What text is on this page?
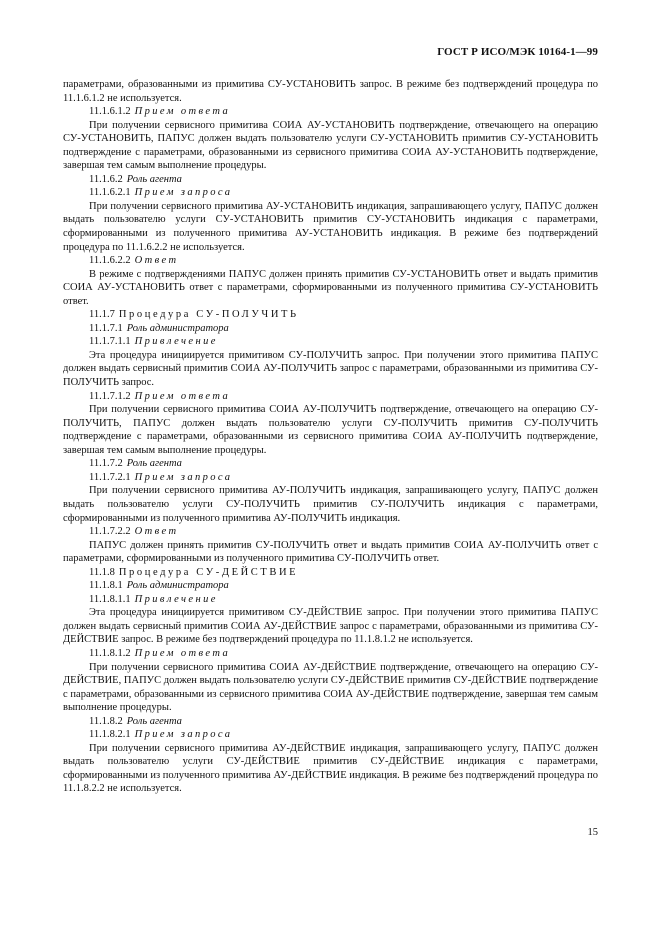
ГОСТ Р ИСО/МЭК 10164-1—99

параметрами, образованными из примитива СУ-УСТАНОВИТЬ запрос. В режиме без подтверждений процедура по 11.1.6.1.2 не используется.

11.1.6.1.2 Прием ответа

При получении сервисного примитива СОИА АУ-УСТАНОВИТЬ подтверждение, отвечающего на операцию СУ-УСТАНОВИТЬ, ПАПУС должен выдать пользователю услуги СУ-УСТАНОВИТЬ примитив СУ-УСТАНОВИТЬ подтверждение с параметрами, образованными из сервисного примитива СОИА АУ-УСТАНОВИТЬ подтверждение, завершая тем самым выполнение процедуры.

11.1.6.2 Роль агента
11.1.6.2.1 Прием запроса

При получении сервисного примитива АУ-УСТАНОВИТЬ индикация, запрашивающего услугу, ПАПУС должен выдать пользователю услуги СУ-УСТАНОВИТЬ примитив СУ-УСТАНОВИТЬ индикация с параметрами, сформированными из полученного примитива АУ-УСТАНОВИТЬ индикация. В режиме без подтверждений процедура по 11.1.6.2.2 не используется.

11.1.6.2.2 Ответ

В режиме с подтверждениями ПАПУС должен принять примитив СУ-УСТАНОВИТЬ ответ и выдать примитив СОИА АУ-УСТАНОВИТЬ ответ с параметрами, сформированными из полученного примитива СУ-УСТАНОВИТЬ ответ.

11.1.7 Процедура СУ-ПОЛУЧИТЬ
11.1.7.1 Роль администратора
11.1.7.1.1 Привлечение

Эта процедура инициируется примитивом СУ-ПОЛУЧИТЬ запрос. При получении этого примитива ПАПУС должен выдать сервисный примитив СОИА АУ-ПОЛУЧИТЬ запрос с параметрами, образованными из примитива СУ-ПОЛУЧИТЬ запрос.

11.1.7.1.2 Прием ответа

При получении сервисного примитива СОИА АУ-ПОЛУЧИТЬ подтверждение, отвечающего на операцию СУ-ПОЛУЧИТЬ, ПАПУС должен выдать пользователю услуги СУ-ПОЛУЧИТЬ примитив СУ-ПОЛУЧИТЬ подтверждение с параметрами, образованными из сервисного примитива СОИА АУ-ПОЛУЧИТЬ подтверждение, завершая тем самым выполнение процедуры.

11.1.7.2 Роль агента
11.1.7.2.1 Прием запроса

При получении сервисного примитива АУ-ПОЛУЧИТЬ индикация, запрашивающего услугу, ПАПУС должен выдать пользователю услуги СУ-ПОЛУЧИТЬ примитив СУ-ПОЛУЧИТЬ индикация с параметрами, сформированными из полученного примитива АУ-ПОЛУЧИТЬ индикация.

11.1.7.2.2 Ответ

ПАПУС должен принять примитив СУ-ПОЛУЧИТЬ ответ и выдать примитив СОИА АУ-ПОЛУЧИТЬ ответ с параметрами, сформированными из полученного примитива СУ-ПОЛУЧИТЬ ответ.

11.1.8 Процедура СУ-ДЕЙСТВИЕ
11.1.8.1 Роль администратора
11.1.8.1.1 Привлечение

Эта процедура инициируется примитивом СУ-ДЕЙСТВИЕ запрос. При получении этого примитива ПАПУС должен выдать сервисный примитив СОИА АУ-ДЕЙСТВИЕ запрос с параметрами, образованными из примитива СУ-ДЕЙСТВИЕ запрос. В режиме без подтверждений процедура по 11.1.8.1.2 не используется.

11.1.8.1.2 Прием ответа

При получении сервисного примитива СОИА АУ-ДЕЙСТВИЕ подтверждение, отвечающего на операцию СУ-ДЕЙСТВИЕ, ПАПУС должен выдать пользователю услуги СУ-ДЕЙСТВИЕ примитив СУ-ДЕЙСТВИЕ подтверждение с параметрами, образованными из сервисного примитива СОИА АУ-ДЕЙСТВИЕ подтверждение, завершая тем самым выполнение процедуры.

11.1.8.2 Роль агента
11.1.8.2.1 Прием запроса

При получении сервисного примитива АУ-ДЕЙСТВИЕ индикация, запрашивающего услугу, ПАПУС должен выдать пользователю услуги СУ-ДЕЙСТВИЕ примитив СУ-ДЕЙСТВИЕ индикация с параметрами, сформированными из полученного примитива АУ-ДЕЙСТВИЕ индикация. В режиме без подтверждений процедура по 11.1.8.2.2 не используется.

15
